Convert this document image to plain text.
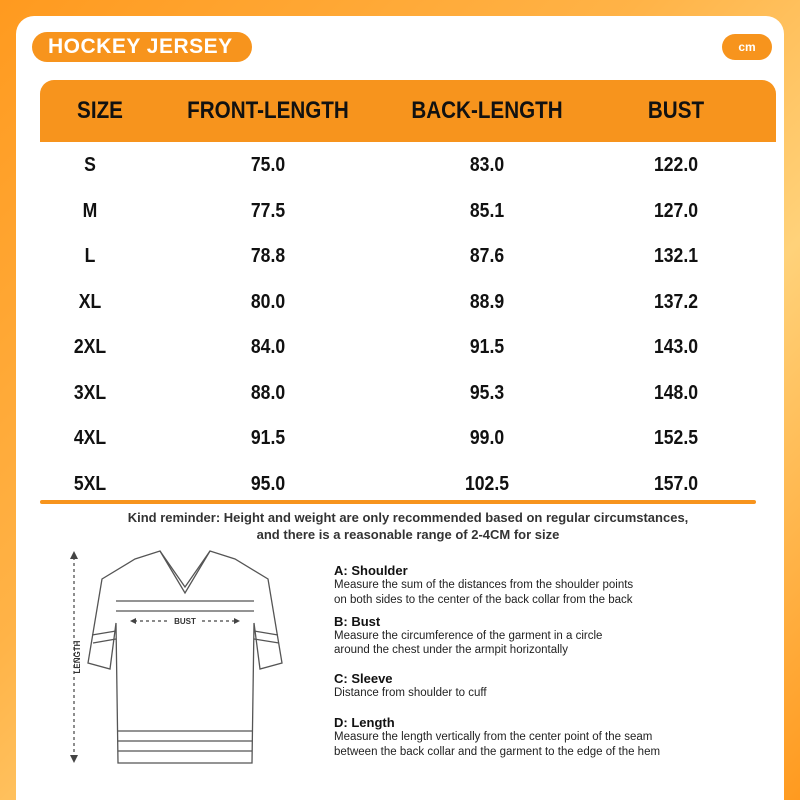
HOCKEY JERSEY	cm
SIZE	FRONT-LENGTH	BACK-LENGTH	BUST
S	75.0	83.0	122.0
M	77.5	85.1	127.0
L	78.8	87.6	132.1
XL	80.0	88.9	137.2
2XL	84.0	91.5	143.0
3XL	88.0	95.3	148.0
4XL	91.5	99.0	152.5
5XL	95.0	102.5	157.0
Kind reminder: Height and weight are only recommended based on regular circumstances,
and there is a reasonable range of 2-4CM for size
LENGTH
BUST
A: Shoulder
Measure the sum of the distances from the shoulder points
on both sides to the center of the back collar from the back
B: Bust
Measure the circumference of the garment in a circle
around the chest under the armpit horizontally
C: Sleeve
Distance from shoulder to cuff
D: Length
Measure the length vertically from the center point of the seam
between the back collar and the garment to the edge of the hem
